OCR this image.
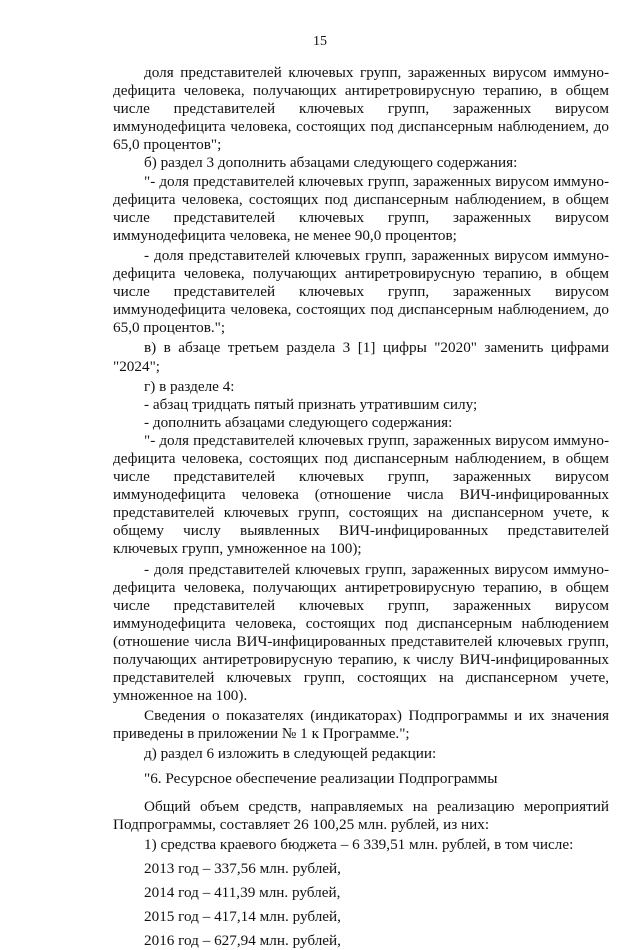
15

доля представителей ключевых групп, зараженных вирусом иммунодефицита человека, получающих антиретровирусную терапию, в общем числе представителей ключевых групп, зараженных вирусом иммунодефицита человека, состоящих под диспансерным наблюдением, до 65,0 процентов";

б) раздел 3 дополнить абзацами следующего содержания:

"- доля представителей ключевых групп, зараженных вирусом иммунодефицита человека, состоящих под диспансерным наблюдением, в общем числе представителей ключевых групп, зараженных вирусом иммунодефицита человека, не менее 90,0 процентов;

- доля представителей ключевых групп, зараженных вирусом иммунодефицита человека, получающих антиретровирусную терапию, в общем числе представителей ключевых групп, зараженных вирусом иммунодефицита человека, состоящих под диспансерным наблюдением, до 65,0 процентов.";

в) в абзаце третьем раздела 3 [1] цифры "2020" заменить цифрами "2024";

г) в разделе 4:

- абзац тридцать пятый признать утратившим силу;

- дополнить абзацами следующего содержания:

"- доля представителей ключевых групп, зараженных вирусом иммунодефицита человека, состоящих под диспансерным наблюдением, в общем числе представителей ключевых групп, зараженных вирусом иммунодефицита человека (отношение числа ВИЧ-инфицированных представителей ключевых групп, состоящих на диспансерном учете, к общему числу выявленных ВИЧ-инфицированных представителей ключевых групп, умноженное на 100);

- доля представителей ключевых групп, зараженных вирусом иммунодефицита человека, получающих антиретровирусную терапию, в общем числе представителей ключевых групп, зараженных вирусом иммунодефицита человека, состоящих под диспансерным наблюдением (отношение числа ВИЧ-инфицированных представителей ключевых групп, получающих антиретровирусную терапию, к числу ВИЧ-инфицированных представителей ключевых групп, состоящих на диспансерном учете, умноженное на 100).

Сведения о показателях (индикаторах) Подпрограммы и их значения приведены в приложении № 1 к Программе.";

д) раздел 6 изложить в следующей редакции:

"6. Ресурсное обеспечение реализации Подпрограммы

Общий объем средств, направляемых на реализацию мероприятий Подпрограммы, составляет 26 100,25 млн. рублей, из них:

1) средства краевого бюджета – 6 339,51 млн. рублей, в том числе:

2013 год – 337,56 млн. рублей,

2014 год – 411,39 млн. рублей,

2015 год – 417,14 млн. рублей,

2016 год – 627,94 млн. рублей,
